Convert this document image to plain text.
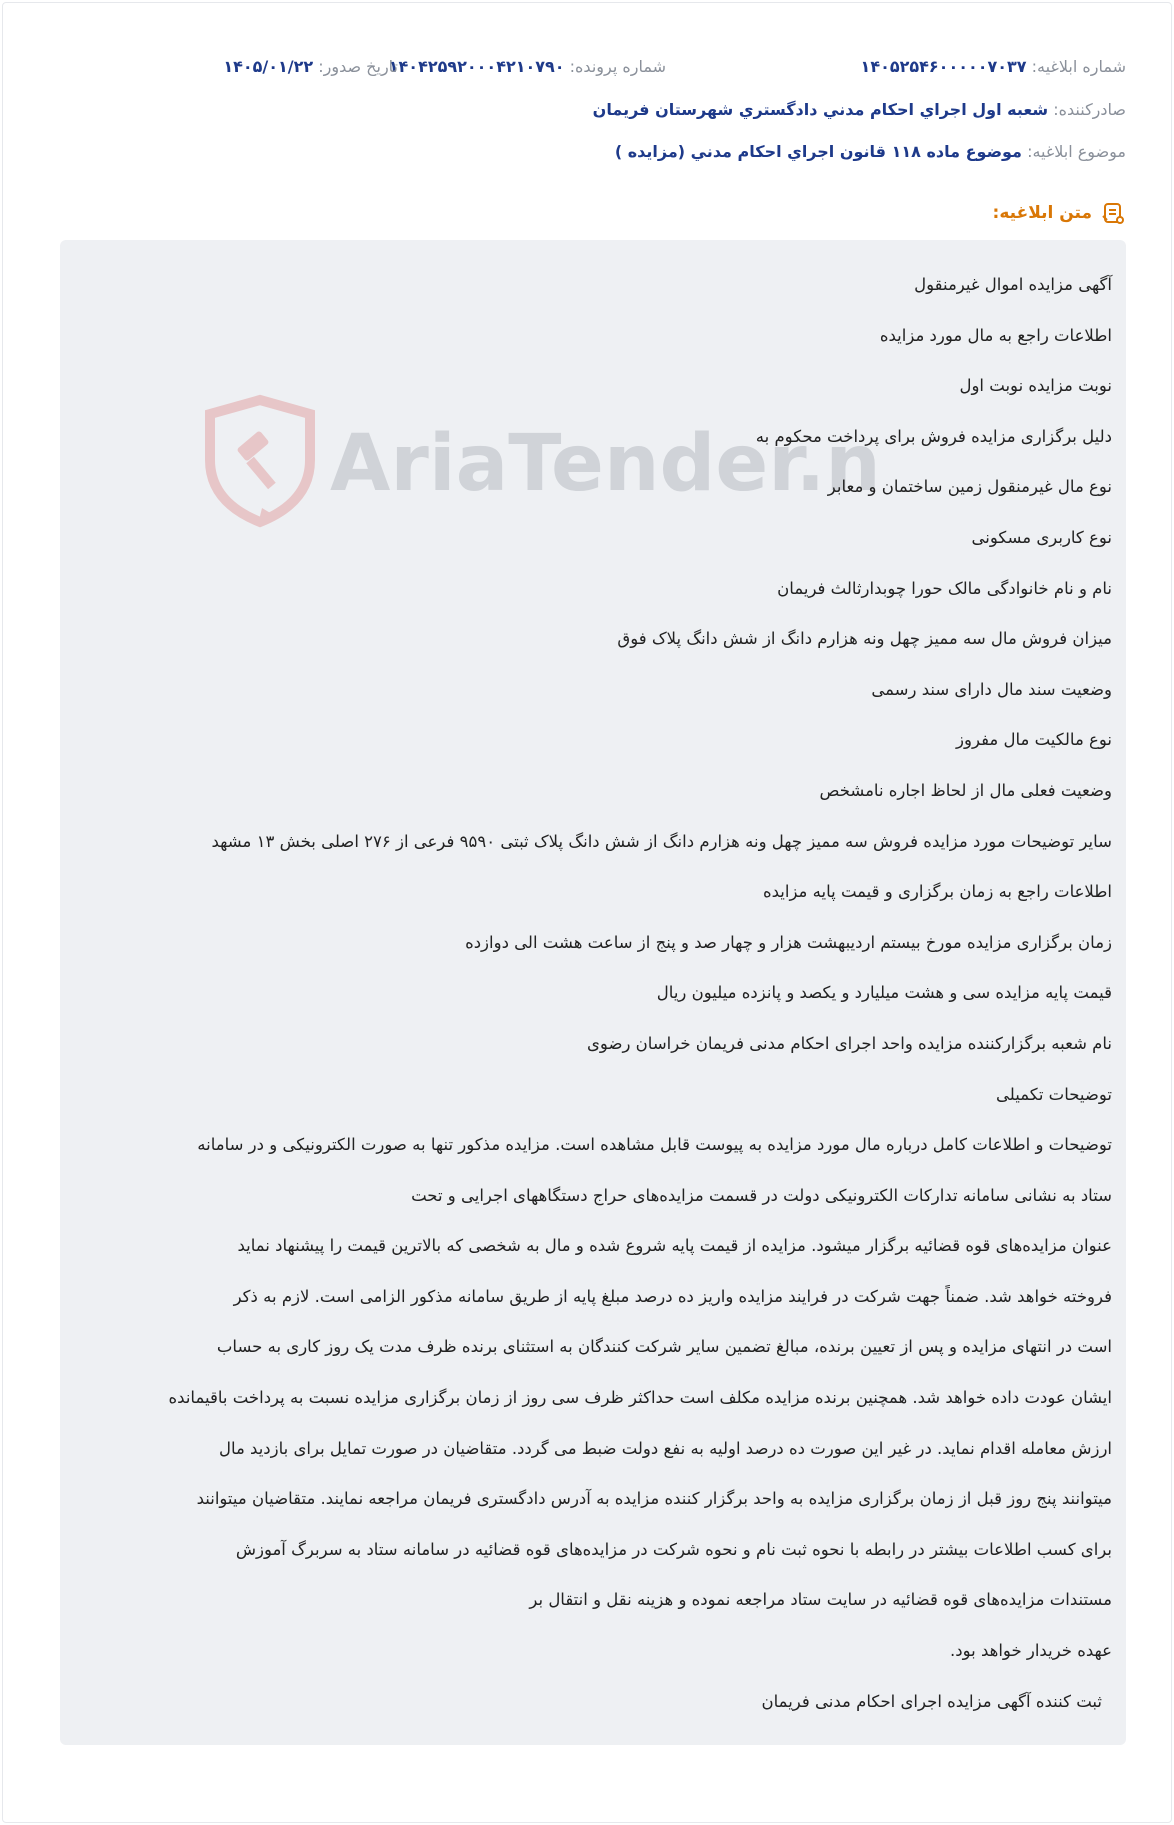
شماره ابلاغیه: ۱۴۰۵۲۵۴۶۰۰۰۰۰۷۰۳۷
شماره پرونده: ۱۴۰۴۲۵۹۲۰۰۰۴۲۱۰۷۹۰
تاریخ صدور: ۱۴۰۵/۰۱/۲۲
صادرکننده: شعبه اول اجراي احكام مدني دادگستري شهرستان فريمان
موضوع ابلاغیه: موضوع ماده ۱۱۸ قانون اجراي احكام مدني (مزايده )
متن ابلاغیه:
AriaTender.n
آگهی مزایده اموال غیرمنقول
اطلاعات راجع به مال مورد مزایده
نوبت مزایده نوبت اول
دلیل برگزاری مزایده فروش برای پرداخت محکوم به
نوع مال غیرمنقول زمین ساختمان و معابر
نوع کاربری مسکونی
نام و نام خانوادگی مالک حورا چوبدارثالث فریمان
میزان فروش مال سه ممیز چهل ونه هزارم دانگ از شش دانگ پلاک فوق
وضعیت سند مال دارای سند رسمی
نوع مالکیت مال مفروز
وضعیت فعلی مال از لحاظ اجاره نامشخص
سایر توضیحات مورد مزایده فروش سه ممیز چهل ونه هزارم دانگ از شش دانگ پلاک ثبتی ۹۵۹۰ فرعی از ۲۷۶ اصلی بخش ۱۳ مشهد
اطلاعات راجع به زمان برگزاری و قیمت پایه مزایده
زمان برگزاری مزایده مورخ بیستم اردیبهشت هزار و چهار صد و پنج از ساعت هشت الی دوازده
قیمت پایه مزایده سی و هشت میلیارد و یکصد و پانزده میلیون ریال
نام شعبه برگزارکننده مزایده واحد اجرای احکام مدنی فریمان خراسان رضوی
توضیحات تکمیلی
توضیحات و اطلاعات کامل درباره مال مورد مزایده به پیوست قابل مشاهده است. مزایده مذکور تنها به صورت الکترونیکی و در سامانه
ستاد به نشانی سامانه تدارکات الکترونیکی دولت در قسمت مزایده‌های حراج دستگاههای اجرایی و تحت
عنوان مزایده‌های قوه قضائیه برگزار میشود. مزایده از قیمت پایه شروع شده و مال به شخصی که بالاترین قیمت را پیشنهاد نماید
فروخته خواهد شد. ضمناً جهت شرکت در فرایند مزایده واریز ده درصد مبلغ پایه از طریق سامانه مذکور الزامی است. لازم به ذکر
است در انتهای مزایده و پس از تعیین برنده، مبالغ تضمین سایر شرکت کنندگان به استثنای برنده ظرف مدت یک روز کاری به حساب
ایشان عودت داده خواهد شد. همچنین برنده مزایده مکلف است حداکثر ظرف سی روز از زمان برگزاری مزایده نسبت به پرداخت باقیمانده
ارزش معامله اقدام نماید. در غیر این صورت ده درصد اولیه به نفع دولت ضبط می گردد. متقاضیان در صورت تمایل برای بازدید مال
میتوانند پنج روز قبل از زمان برگزاری مزایده به واحد برگزار کننده مزایده به آدرس دادگستری فریمان مراجعه نمایند. متقاضیان میتوانند
برای کسب اطلاعات بیشتر در رابطه با نحوه ثبت نام و نحوه شرکت در مزایده‌های قوه قضائیه در سامانه ستاد به سربرگ آموزش
مستندات مزایده‌های قوه قضائیه در سایت ستاد مراجعه نموده و هزینه نقل و انتقال بر
عهده خریدار خواهد بود.
ثبت کننده آگهی مزایده اجرای احکام مدنی فریمان
